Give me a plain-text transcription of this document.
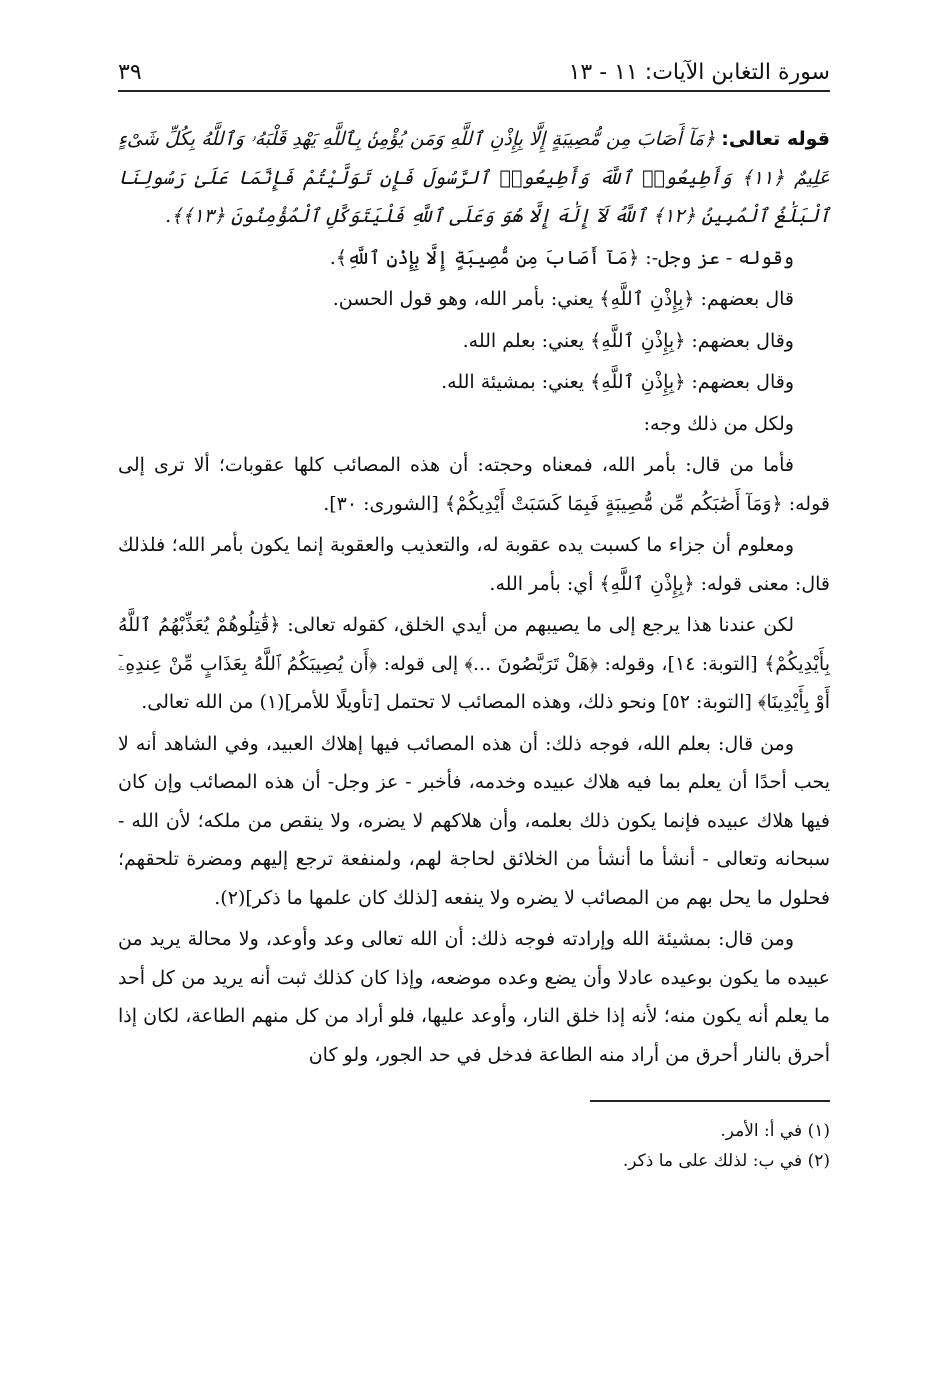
سورة التغابن الآيات: ١١ - ١٣
٣٩

قوله تعالى: ﴿مَآ أَصَابَ مِن مُّصِيبَةٍ إِلَّا بِإِذْنِ ٱللَّهِ وَمَن يُؤْمِنۢ بِٱللَّهِ يَهْدِ قَلْبَهُۥ وَٱللَّهُ بِكُلِّ شَىْءٍ عَلِيمٌ ﴿١١﴾ وَأَطِيعُوا۟ ٱللَّهَ وَأَطِيعُوا۟ ٱلرَّسُولَ فَإِن تَوَلَّيْتُمْ فَإِنَّمَا عَلَىٰ رَسُولِنَا ٱلْبَلَٰغُ ٱلْمُبِينُ ﴿١٢﴾ ٱللَّهُ لَآ إِلَٰهَ إِلَّا هُوَ وَعَلَى ٱللَّهِ فَلْيَتَوَكَّلِ ٱلْمُؤْمِنُونَ ﴿١٣﴾﴾.

وقوله - عز وجل-: ﴿مَآ أَصَابَ مِن مُّصِيبَةٍ إِلَّا بِإِذْنِ ٱللَّهِ﴾.

قال بعضهم: ﴿بِإِذْنِ ٱللَّهِ﴾ يعني: بأمر الله، وهو قول الحسن.

وقال بعضهم: ﴿بِإِذْنِ ٱللَّهِ﴾ يعني: بعلم الله.

وقال بعضهم: ﴿بِإِذْنِ ٱللَّهِ﴾ يعني: بمشيئة الله.

ولكل من ذلك وجه:

فأما من قال: بأمر الله، فمعناه وحجته: أن هذه المصائب كلها عقوبات؛ ألا ترى إلى قوله: ﴿وَمَآ أَصَٰبَكُم مِّن مُّصِيبَةٍ فَبِمَا كَسَبَتْ أَيْدِيكُمْ﴾ [الشورى: ٣٠].

ومعلوم أن جزاء ما كسبت يده عقوبة له، والتعذيب والعقوبة إنما يكون بأمر الله؛ فلذلك قال: معنى قوله: ﴿بِإِذْنِ ٱللَّهِ﴾ أي: بأمر الله.

لكن عندنا هذا يرجع إلى ما يصيبهم من أيدي الخلق، كقوله تعالى: ﴿قَٰتِلُوهُمْ يُعَذِّبْهُمُ ٱللَّهُ بِأَيْدِيكُمْ﴾ [التوبة: ١٤]، وقوله: ﴿هَلْ تَرَبَّصُونَ ...﴾ إلى قوله: ﴿أَن يُصِيبَكُمُ ٱللَّهُ بِعَذَابٍ مِّنْ عِندِهِۦٓ أَوْ بِأَيْدِينَا﴾ [التوبة: ٥٢] ونحو ذلك، وهذه المصائب لا تحتمل [تأويلًا للأمر](١) من الله تعالى.

ومن قال: بعلم الله، فوجه ذلك: أن هذه المصائب فيها إهلاك العبيد، وفي الشاهد أنه لا يحب أحدًا أن يعلم بما فيه هلاك عبيده وخدمه، فأخبر - عز وجل- أن هذه المصائب وإن كان فيها هلاك عبيده فإنما يكون ذلك بعلمه، وأن هلاكهم لا يضره، ولا ينقص من ملكه؛ لأن الله - سبحانه وتعالى - أنشأ ما أنشأ من الخلائق لحاجة لهم، ولمنفعة ترجع إليهم ومضرة تلحقهم؛ فحلول ما يحل بهم من المصائب لا يضره ولا ينفعه [لذلك كان علمها ما ذكر](٢).

ومن قال: بمشيئة الله وإرادته فوجه ذلك: أن الله تعالى وعد وأوعد، ولا محالة يريد من عبيده ما يكون بوعيده عادلا وأن يضع وعده موضعه، وإذا كان كذلك ثبت أنه يريد من كل أحد ما يعلم أنه يكون منه؛ لأنه إذا خلق النار، وأوعد عليها، فلو أراد من كل منهم الطاعة، لكان إذا أحرق بالنار أحرق من أراد منه الطاعة فدخل في حد الجور، ولو كان

(١) في أ: الأمر.

(٢) في ب: لذلك على ما ذكر.
